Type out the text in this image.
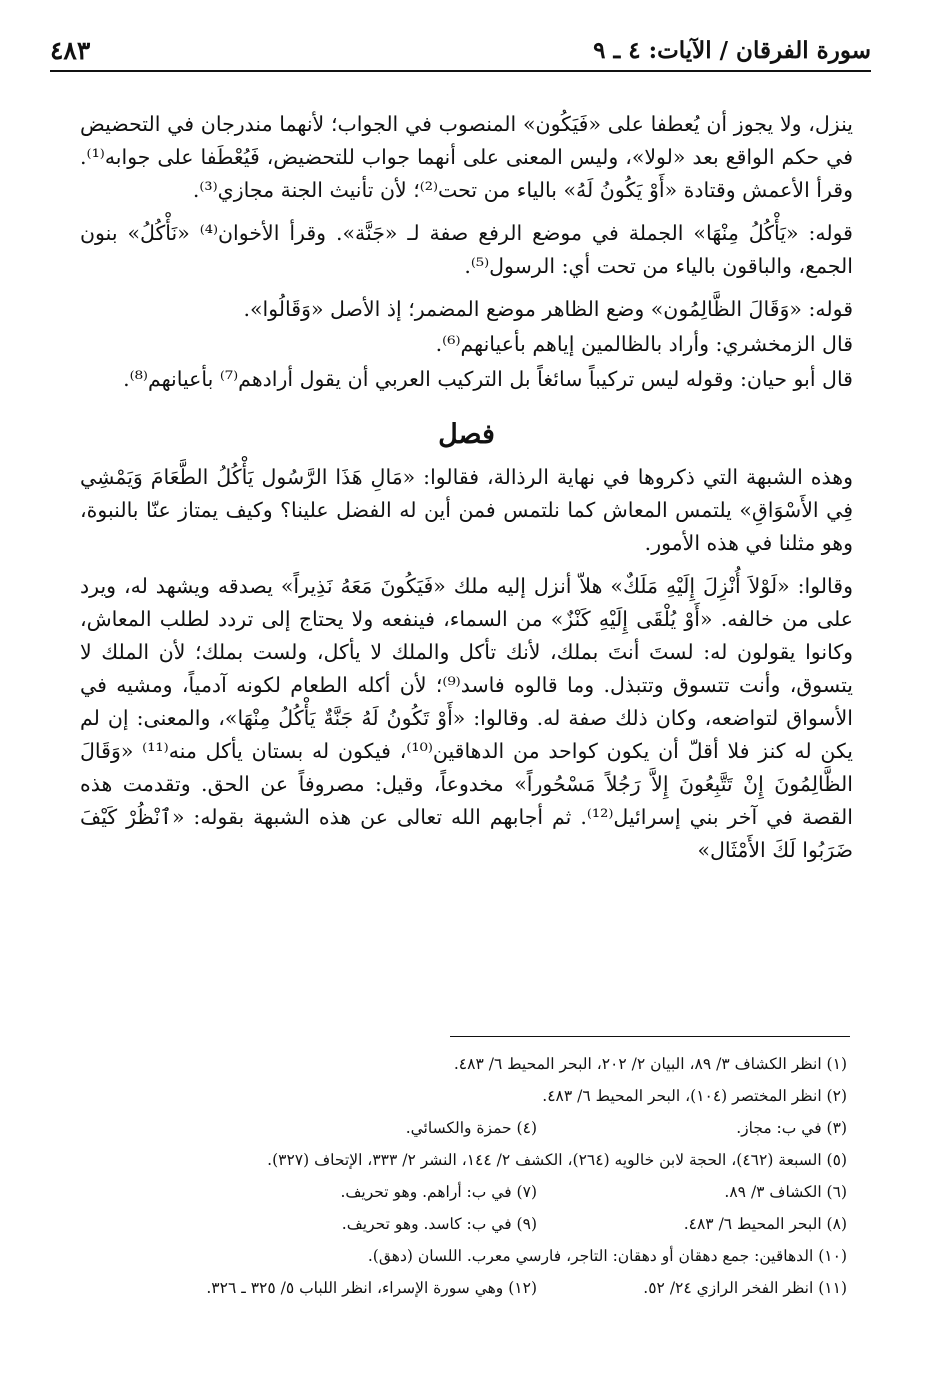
٤٨٣	سورة الفرقان / الآيات: ٤ ـ ٩

ينزل، ولا يجوز أن يُعطفا على «فَيَكُون» المنصوب في الجواب؛ لأنهما مندرجان في التحضيض في حكم الواقع بعد «لولا»، وليس المعنى على أنهما جواب للتحضيض، فَيُعْطَفا على جوابه⁽¹⁾. وقرأ الأعمش وقتادة «أَوْ يَكُونُ لَهُ» بالياء من تحت⁽²⁾؛ لأن تأنيث الجنة مجازي⁽³⁾.

قوله: «يَأْكُلُ مِنْهَا» الجملة في موضع الرفع صفة لـ «جَنَّة». وقرأ الأخوان⁽⁴⁾ «نَأْكُلُ» بنون الجمع، والباقون بالياء من تحت أي: الرسول⁽⁵⁾.

قوله: «وَقَالَ الظَّالِمُون» وضع الظاهر موضع المضمر؛ إذ الأصل «وَقَالُوا».

قال الزمخشري: وأراد بالظالمين إياهم بأعيانهم⁽⁶⁾.

قال أبو حيان: وقوله ليس تركيباً سائغاً بل التركيب العربي أن يقول أرادهم⁽⁷⁾ بأعيانهم⁽⁸⁾.

فصل

وهذه الشبهة التي ذكروها في نهاية الرذالة، فقالوا: «مَالِ هَذَا الرَّسُول يَأْكُلُ الطَّعَامَ وَيَمْشِي فِي الأَسْوَاقِ» يلتمس المعاش كما نلتمس فمن أين له الفضل علينا؟ وكيف يمتاز عنّا بالنبوة، وهو مثلنا في هذه الأمور.

وقالوا: «لَوْلاَ أُنْزِلَ إِلَيْهِ مَلَكٌ» هلاّ أنزل إليه ملك «فَيَكُونَ مَعَهُ نَذِيراً» يصدقه ويشهد له، ويرد على من خالفه. «أَوْ يُلْقَى إِلَيْهِ كَنْزٌ» من السماء، فينفعه ولا يحتاج إلى تردد لطلب المعاش، وكانوا يقولون له: لستَ أنتَ بملك، لأنك تأكل والملك لا يأكل، ولست بملك؛ لأن الملك لا يتسوق، وأنت تتسوق وتتبذل. وما قالوه فاسد⁽⁹⁾؛ لأن أكله الطعام لكونه آدمياً، ومشيه في الأسواق لتواضعه، وكان ذلك صفة له. وقالوا: «أَوْ تَكُونُ لَهُ جَنَّةٌ يَأْكُلُ مِنْهَا»، والمعنى: إن لم يكن له كنز فلا أقلّ أن يكون كواحد من الدهاقين⁽¹⁰⁾، فيكون له بستان يأكل منه⁽¹¹⁾ «وَقَالَ الظَّالِمُونَ إِنْ تَتَّبِعُونَ إِلاَّ رَجُلاً مَسْحُوراً» مخدوعاً، وقيل: مصروفاً عن الحق. وتقدمت هذه القصة في آخر بني إسرائيل⁽¹²⁾. ثم أجابهم الله تعالى عن هذه الشبهة بقوله: «ٱنْظُرْ كَيْفَ ضَرَبُوا لَكَ الأَمْثَال»

(١) انظر الكشاف ٣/ ٨٩، البيان ٢/ ٢٠٢، البحر المحيط ٦/ ٤٨٣.
(٢) انظر المختصر (١٠٤)، البحر المحيط ٦/ ٤٨٣.
(٣) في ب: مجاز.
(٤) حمزة والكسائي.
(٥) السبعة (٤٦٢)، الحجة لابن خالويه (٢٦٤)، الكشف ٢/ ١٤٤، النشر ٢/ ٣٣٣، الإتحاف (٣٢٧).
(٦) الكشاف ٣/ ٨٩.
(٧) في ب: أراهم. وهو تحريف.
(٨) البحر المحيط ٦/ ٤٨٣.
(٩) في ب: كاسد. وهو تحريف.
(١٠) الدهاقين: جمع دهقان أو دهقان: التاجر، فارسي معرب. اللسان (دهق).
(١١) انظر الفخر الرازي ٢٤/ ٥٢.
(١٢) وهي سورة الإسراء، انظر اللباب ٥/ ٣٢٥ ـ ٣٢٦.
